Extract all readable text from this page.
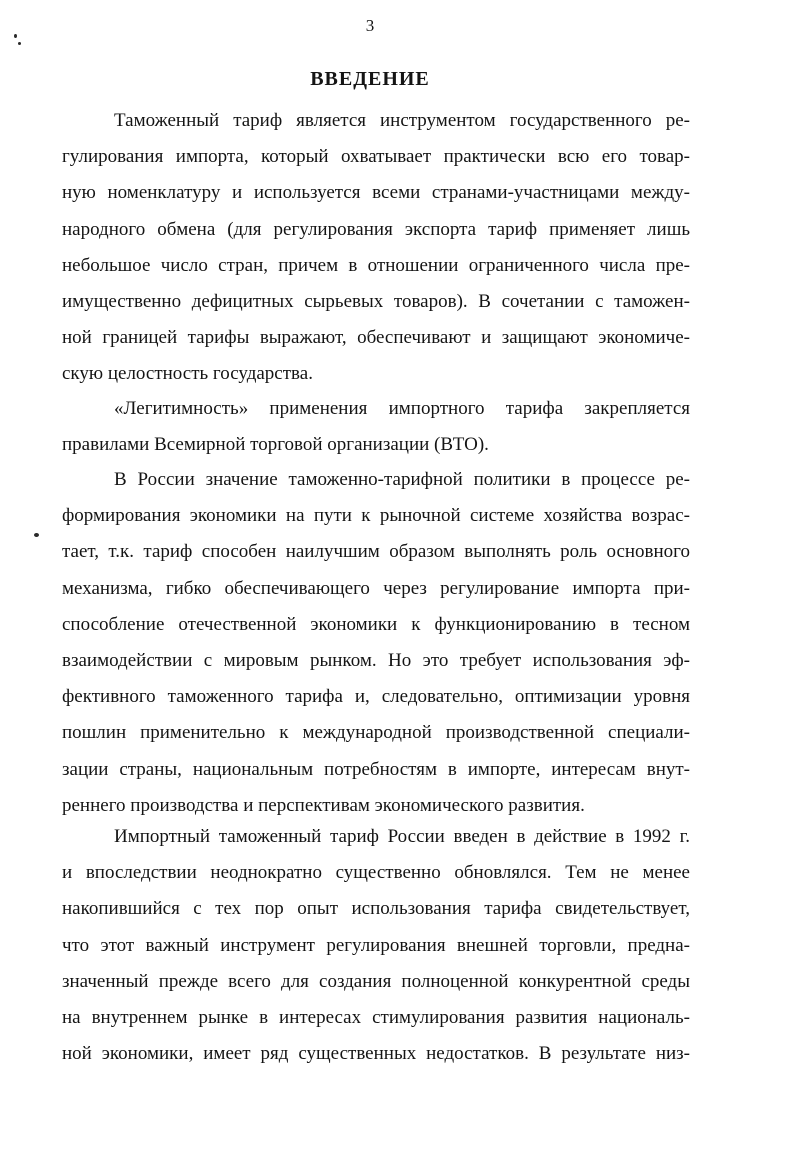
3
ВВЕДЕНИЕ
Таможенный тариф является инструментом государственного ре-
гулирования импорта, который охватывает практически всю его товар-
ную номенклатуру и используется всеми странами-участницами между-
народного обмена (для регулирования экспорта тариф применяет лишь
небольшое число стран, причем в отношении ограниченного числа пре-
имущественно дефицитных сырьевых товаров). В сочетании с таможен-
ной границей тарифы выражают, обеспечивают и защищают экономиче-
скую целостность государства.
«Легитимность» применения импортного тарифа закрепляется
правилами Всемирной торговой организации (ВТО).
В России значение таможенно-тарифной политики в процессе ре-
формирования экономики на пути к рыночной системе хозяйства возрас-
тает, т.к. тариф способен наилучшим образом выполнять роль основного
механизма, гибко обеспечивающего через регулирование импорта при-
способление отечественной экономики к функционированию в тесном
взаимодействии с мировым рынком. Но это требует использования эф-
фективного таможенного тарифа и, следовательно, оптимизации уровня
пошлин применительно к международной производственной специали-
зации страны, национальным потребностям в импорте, интересам внут-
реннего производства и перспективам экономического развития.
Импортный таможенный тариф России введен в действие в 1992 г.
и впоследствии неоднократно существенно обновлялся. Тем не менее
накопившийся с тех пор опыт использования тарифа свидетельствует,
что этот важный инструмент регулирования внешней торговли, предна-
значенный прежде всего для создания полноценной конкурентной среды
на внутреннем рынке в интересах стимулирования развития националь-
ной экономики, имеет ряд существенных недостатков. В результате низ-
